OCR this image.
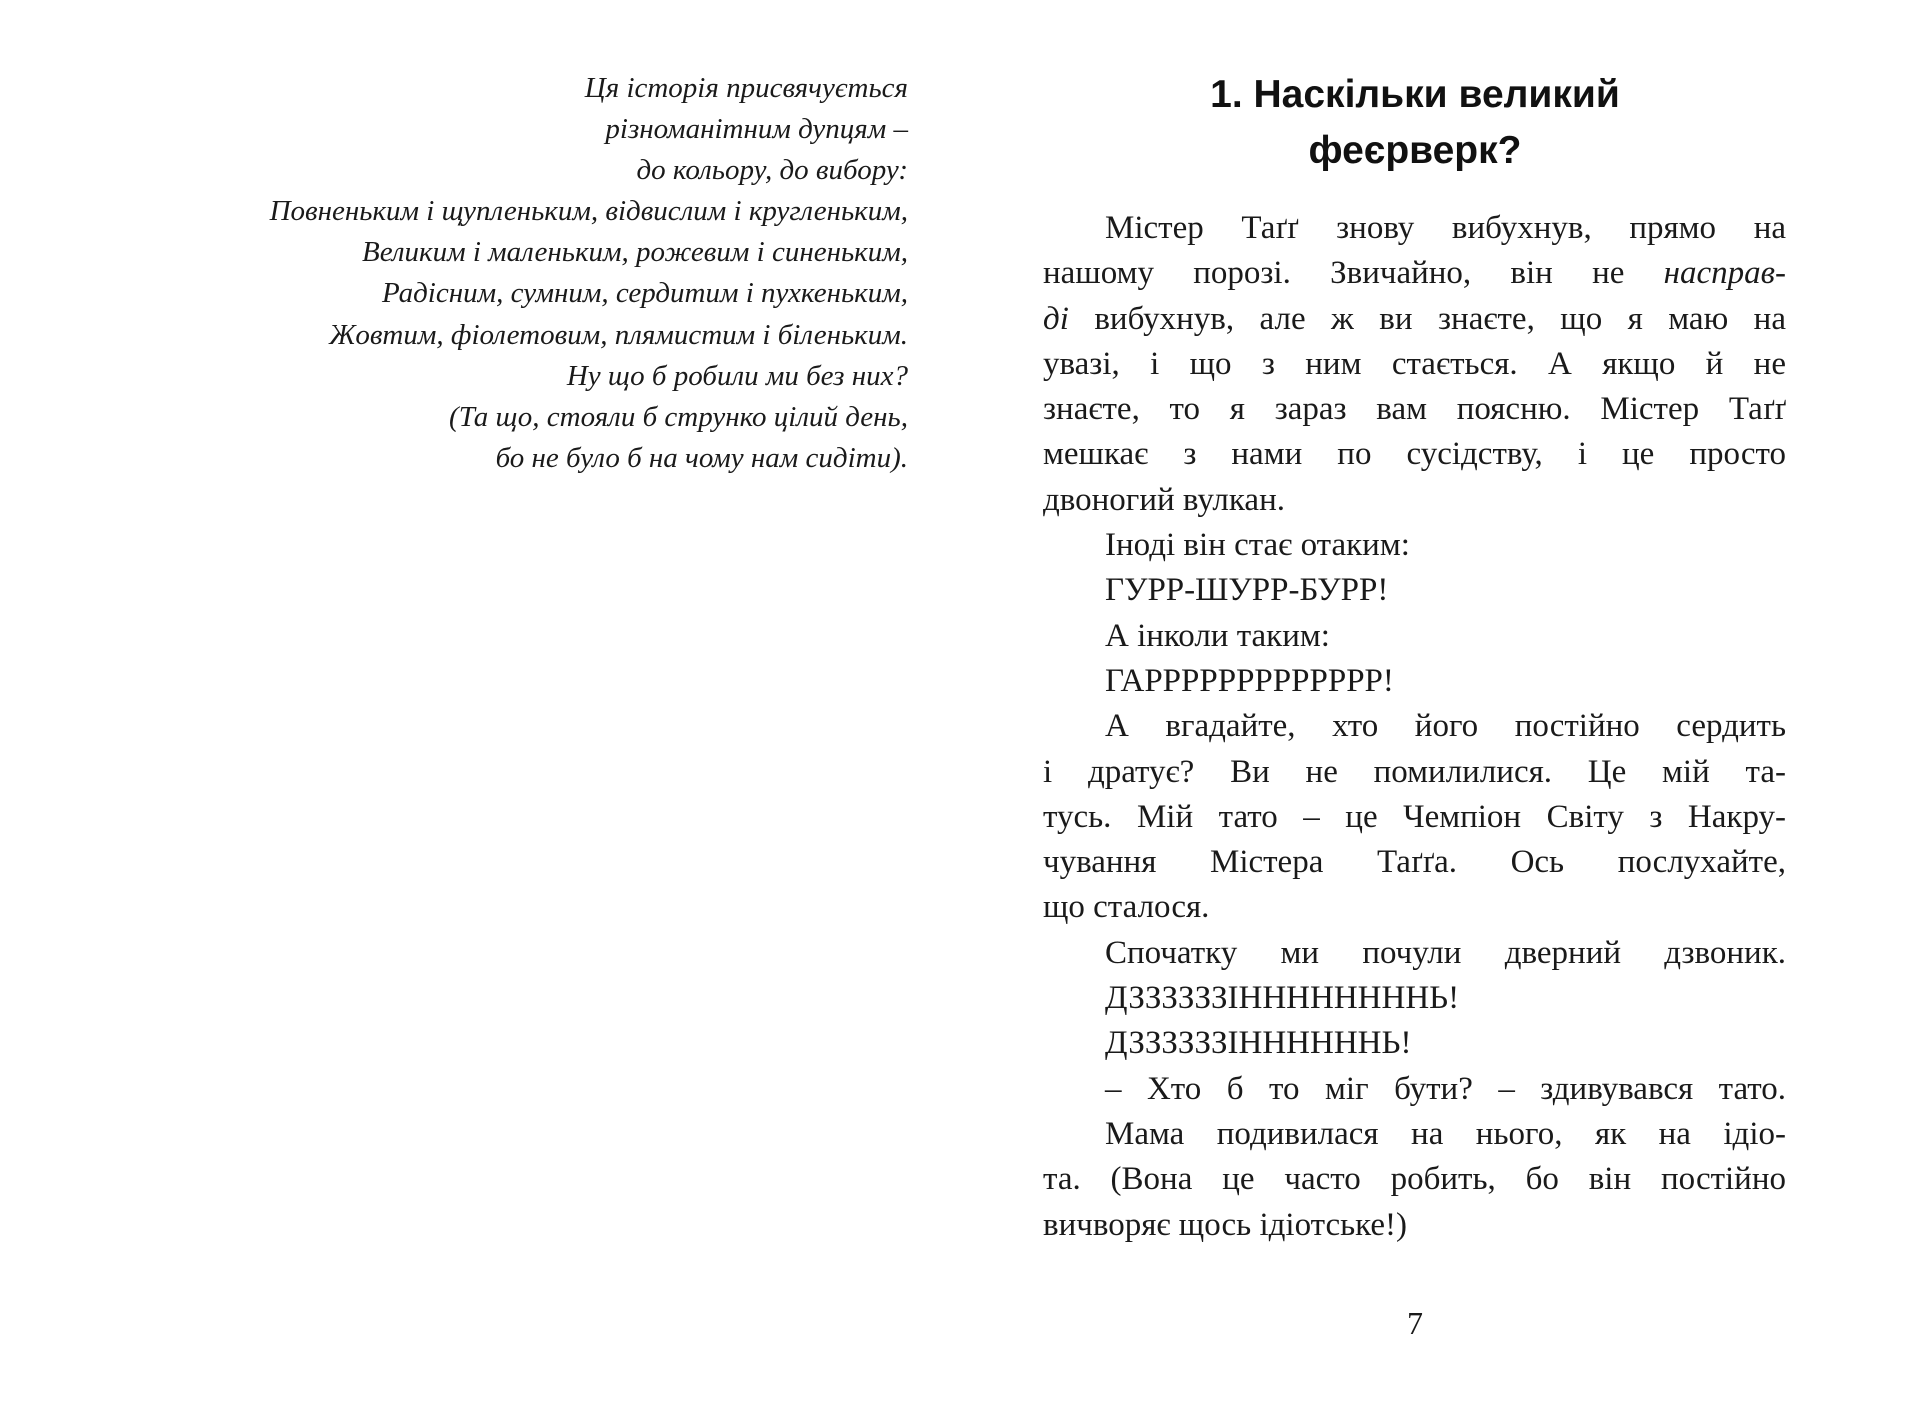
Ця історія присвячується
різноманітним дупцям –
до кольору, до вибору:
Повненьким і щупленьким, відвислим і кругленьким,
Великим і маленьким, рожевим і синеньким,
Радісним, сумним, сердитим і пухкеньким,
Жовтим, фіолетовим, плямистим і біленьким.
Ну що б робили ми без них?
(Та що, стояли б струнко цілий день,
бо не було б на чому нам сидіти).
1. Наскільки великий
феєрверк?
Містер Таґґ знову вибухнув, прямо на
нашому порозі. Звичайно, він не насправ-
ді вибухнув, але ж ви знаєте, що я маю на
увазі, і що з ним стається. А якщо й не
знаєте, то я зараз вам поясню. Містер Таґґ
мешкає з нами по сусідству, і це просто
двоногий вулкан.
Іноді він стає отаким:
ГУРР-ШУРР-БУРР!
А інколи таким:
ГАРРРРРРРРРРРРР!
А вгадайте, хто його постійно сердить
і дратує? Ви не помилилися. Це мій та-
тусь. Мій тато – це Чемпіон Світу з Накру-
чування Містера Таґґа. Ось послухайте,
що сталося.
Спочатку ми почули дверний дзвоник.
ДЗЗЗЗЗЗІННННННННЬ!
ДЗЗЗЗЗЗІННННННЬ!
– Хто б то міг бути? – здивувався тато.
Мама подивилася на нього, як на ідіо-
та. (Вона це часто робить, бо він постійно
вичворяє щось ідіотське!)
7
